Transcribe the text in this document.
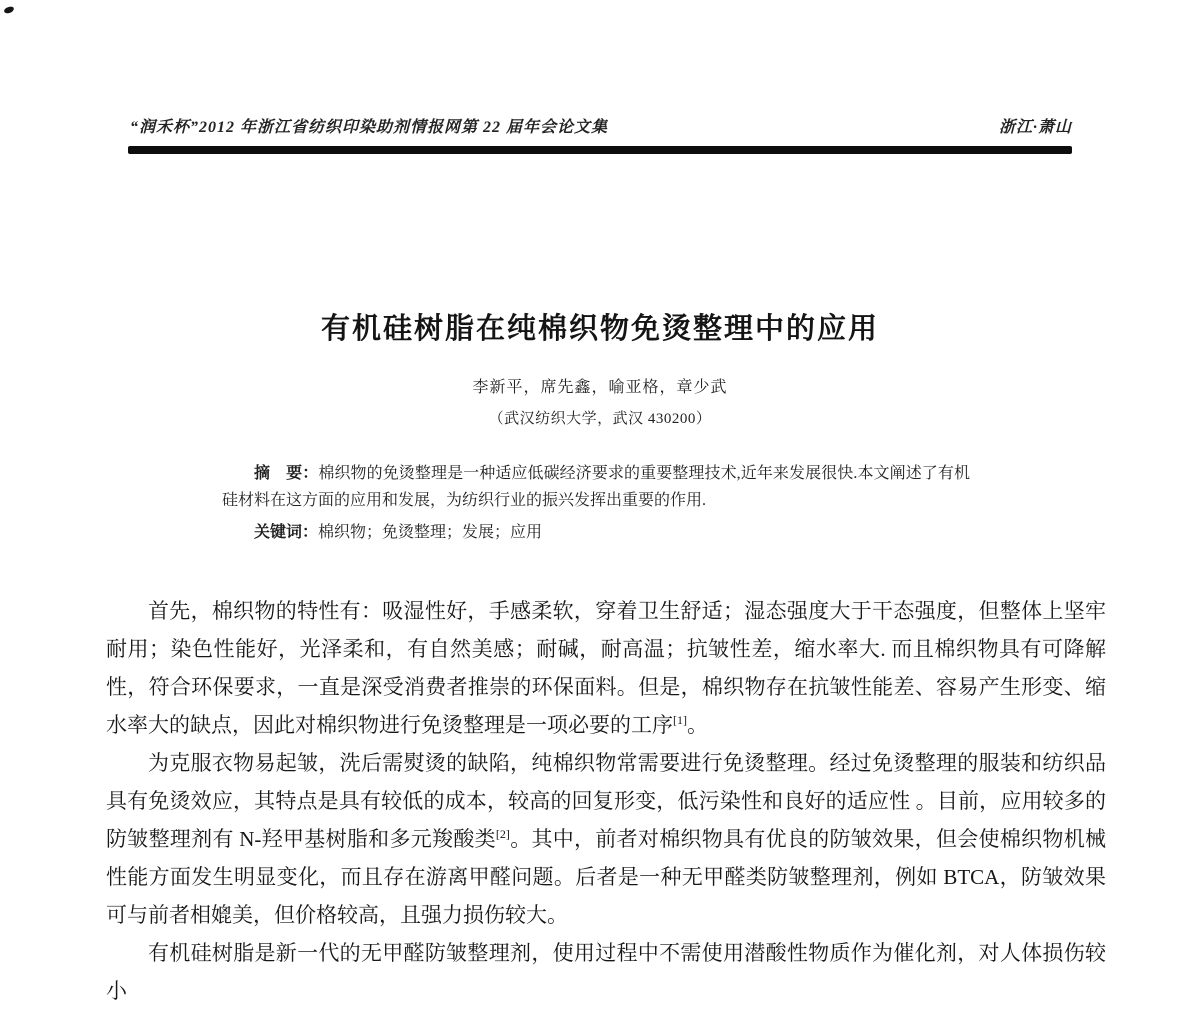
“润禾杯”2012 年浙江省纺织印染助剂情报网第 22 届年会论文集	浙江·萧山
有机硅树脂在纯棉织物免烫整理中的应用
李新平，席先鑫，喻亚格，章少武
（武汉纺织大学，武汉 430200）

摘　要：棉织物的免烫整理是一种适应低碳经济要求的重要整理技术,近年来发展很快.本文阐述了有机硅材料在这方面的应用和发展，为纺织行业的振兴发挥出重要的作用.

关键词：棉织物；免烫整理；发展；应用

首先，棉织物的特性有：吸湿性好，手感柔软，穿着卫生舒适；湿态强度大于干态强度，但整体上坚牢耐用；染色性能好，光泽柔和，有自然美感；耐碱，耐高温；抗皱性差，缩水率大. 而且棉织物具有可降解性，符合环保要求，一直是深受消费者推崇的环保面料。但是，棉织物存在抗皱性能差、容易产生形变、缩水率大的缺点，因此对棉织物进行免烫整理是一项必要的工序[1]。

为克服衣物易起皱，洗后需熨烫的缺陷，纯棉织物常需要进行免烫整理。经过免烫整理的服装和纺织品具有免烫效应，其特点是具有较低的成本，较高的回复形变，低污染性和良好的适应性 。目前，应用较多的防皱整理剂有 N-羟甲基树脂和多元羧酸类[2]。其中，前者对棉织物具有优良的防皱效果，但会使棉织物机械性能方面发生明显变化，而且存在游离甲醛问题。后者是一种无甲醛类防皱整理剂，例如 BTCA，防皱效果可与前者相媲美，但价格较高，且强力损伤较大。

有机硅树脂是新一代的无甲醛防皱整理剂，使用过程中不需使用潜酸性物质作为催化剂，对人体损伤较小
